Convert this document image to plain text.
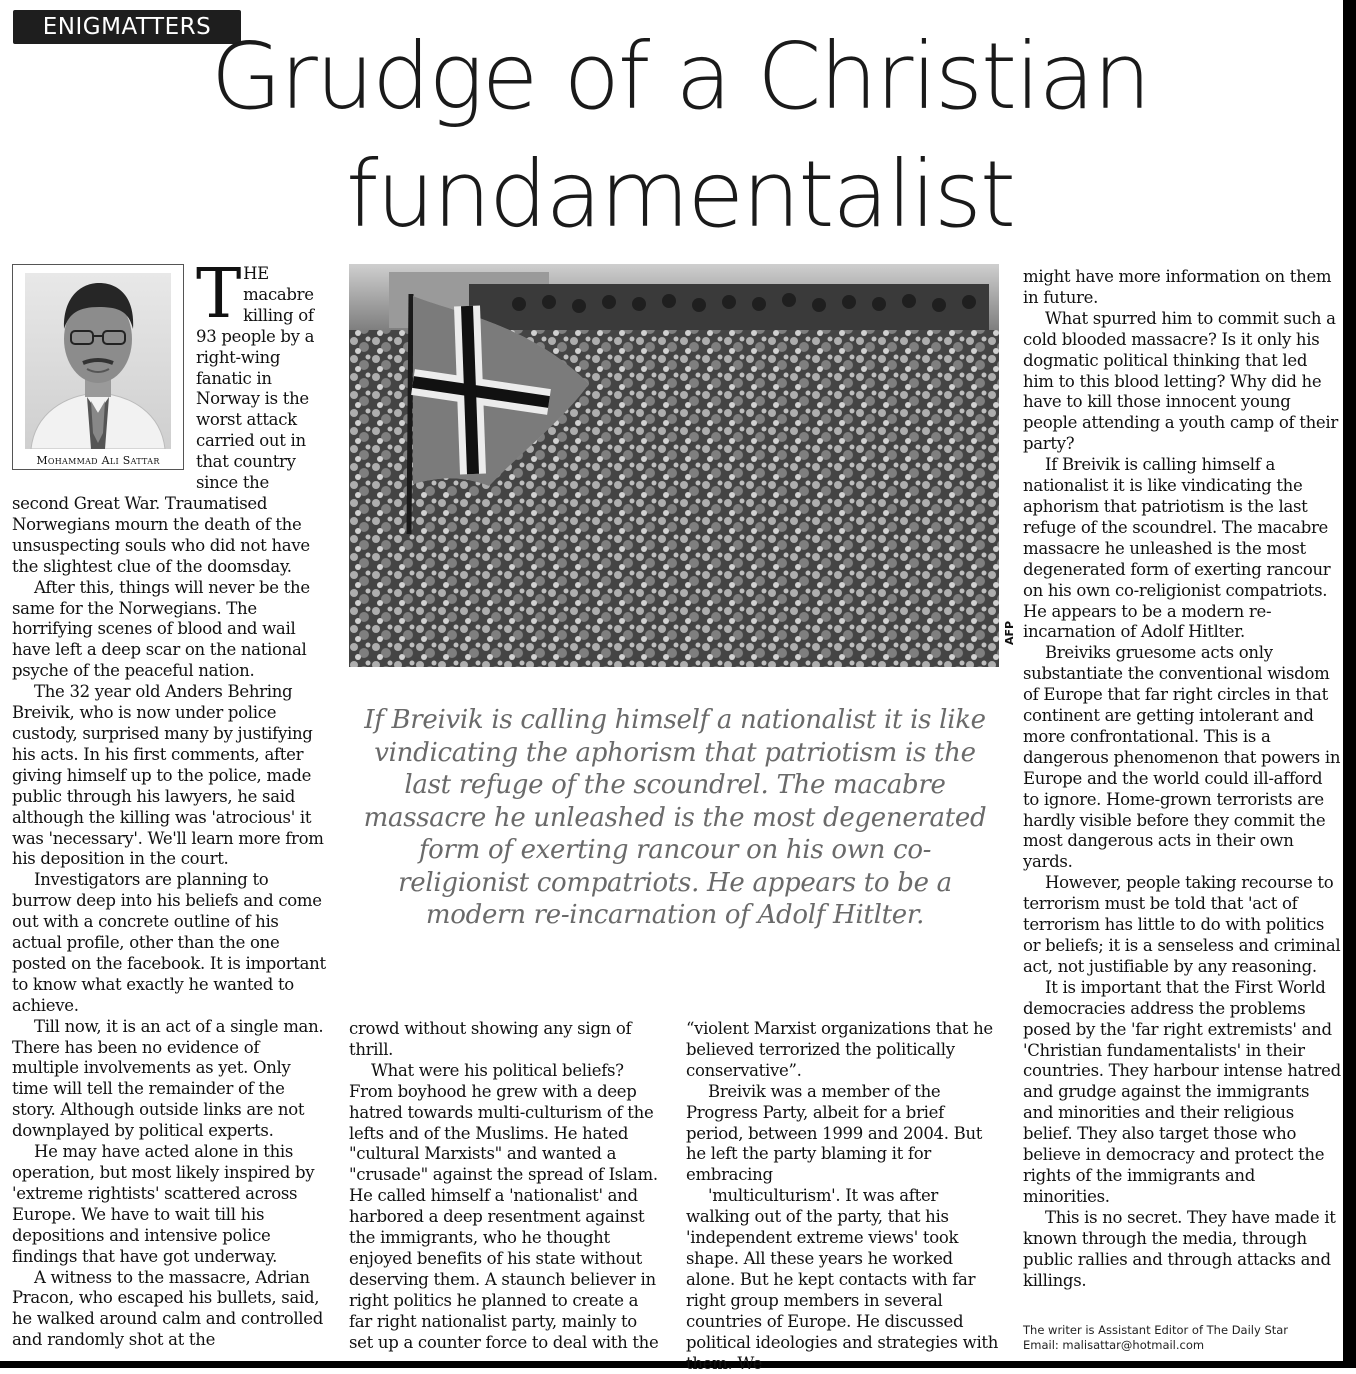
ENIGMATTERS Grudge of a Christian fundamentalist
Mohammad Ali Sattar
THE macabre killing of 93 people by a right-wing fanatic in Norway is the worst attack carried out in that country since the

second Great War. Traumatised Norwegians mourn the death of the unsuspecting souls who did not have the slightest clue of the doomsday.

After this, things will never be the same for the Norwegians. The horrifying scenes of blood and wail have left a deep scar on the national psyche of the peaceful nation.

The 32 year old Anders Behring Breivik, who is now under police custody, surprised many by justifying his acts. In his first comments, after giving himself up to the police, made public through his lawyers, he said although the killing was 'atrocious' it was 'necessary'. We'll learn more from his deposition in the court.

Investigators are planning to burrow deep into his beliefs and come out with a concrete outline of his actual profile, other than the one posted on the facebook. It is important to know what exactly he wanted to achieve.

Till now, it is an act of a single man. There has been no evidence of multiple involvements as yet. Only time will tell the remainder of the story. Although outside links are not downplayed by political experts.

He may have acted alone in this operation, but most likely inspired by 'extreme rightists' scattered across Europe. We have to wait till his depositions and intensive police findings that have got underway.

A witness to the massacre, Adrian Pracon, who escaped his bullets, said, he walked around calm and controlled and randomly shot at the

AFP
If Breivik is calling himself a nationalist it is like vindicating the aphorism that patriotism is the last refuge of the scoundrel. The macabre massacre he unleashed is the most degenerated form of exerting rancour on his own co-religionist compatriots. He appears to be a modern re-incarnation of Adolf Hitlter.

crowd without showing any sign of thrill.

What were his political beliefs? From boyhood he grew with a deep hatred towards multi-culturism of the lefts and of the Muslims. He hated "cultural Marxists" and wanted a "crusade" against the spread of Islam. He called himself a 'nationalist' and harbored a deep resentment against the immigrants, who he thought enjoyed benefits of his state without deserving them. A staunch believer in right politics he planned to create a far right nationalist party, mainly to set up a counter force to deal with the

“violent Marxist organizations that he believed terrorized the politically conservative”.

Breivik was a member of the Progress Party, albeit for a brief period, between 1999 and 2004. But he left the party blaming it for embracing

'multiculturism'. It was after walking out of the party, that his 'independent extreme views' took shape. All these years he worked alone. But he kept contacts with far right group members in several countries of Europe. He discussed political ideologies and strategies with them. We

might have more information on them in future.

What spurred him to commit such a cold blooded massacre? Is it only his dogmatic political thinking that led him to this blood letting? Why did he have to kill those innocent young people attending a youth camp of their party?

If Breivik is calling himself a nationalist it is like vindicating the aphorism that patriotism is the last refuge of the scoundrel. The macabre massacre he unleashed is the most degenerated form of exerting rancour on his own co-religionist compatriots. He appears to be a modern re-incarnation of Adolf Hitlter.

Breiviks gruesome acts only substantiate the conventional wisdom of Europe that far right circles in that continent are getting intolerant and more confrontational. This is a dangerous phenomenon that powers in Europe and the world could ill-afford to ignore. Home-grown terrorists are hardly visible before they commit the most dangerous acts in their own yards.

However, people taking recourse to terrorism must be told that 'act of terrorism has little to do with politics or beliefs; it is a senseless and criminal act, not justifiable by any reasoning.

It is important that the First World democracies address the problems posed by the 'far right extremists' and 'Christian fundamentalists' in their countries. They harbour intense hatred and grudge against the immigrants and minorities and their religious belief. They also target those who believe in democracy and protect the rights of the immigrants and minorities.

This is no secret. They have made it known through the media, through public rallies and through attacks and killings.

The writer is Assistant Editor of The Daily Star
Email: malisattar@hotmail.com
